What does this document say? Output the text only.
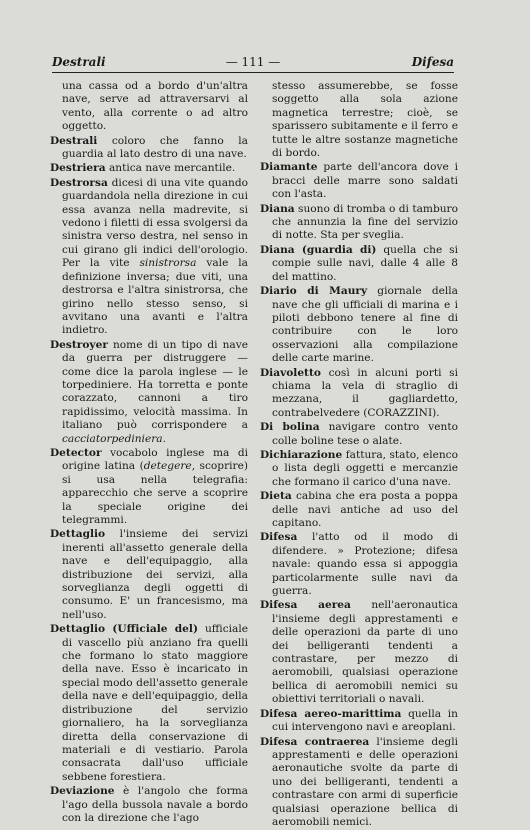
Destrali	— 111 —	Difesa

una cassa od a bordo d'un'altra nave, serve ad attraversarvi al vento, alla corrente o ad altro oggetto.

Destrali coloro che fanno la guardia al lato destro di una nave.

Destriera antica nave mercantile.

Destrorsa dicesi di una vite quando guardandola nella direzione in cui essa avanza nella madrevite, si vedono i filetti di essa svolgersi da sinistra verso destra, nel senso in cui girano gli indici dell'orologio. Per la vite sinistrorsa vale la definizione inversa; due viti, una destrorsa e l'altra sinistrorsa, che girino nello stesso senso, si avvitano una avanti e l'altra indietro.

Destroyer nome di un tipo di nave da guerra per distruggere — come dice la parola inglese — le torpediniere. Ha torretta e ponte corazzato, cannoni a tiro rapidissimo, velocità massima. In italiano può corrispondere a cacciatorpediniera.

Detector vocabolo inglese ma di origine latina (detegere, scoprire) si usa nella telegrafia: apparecchio che serve a scoprire la speciale origine dei telegrammi.

Dettaglio l'insieme dei servizi inerenti all'assetto generale della nave e dell'equipaggio, alla distribuzione dei servizi, alla sorveglianza degli oggetti di consumo. E' un francesismo, ma nell'uso.

Dettaglio (Ufficiale del) ufficiale di vascello più anziano fra quelli che formano lo stato maggiore della nave. Esso è incaricato in special modo dell'assetto generale della nave e dell'equipaggio, della distribuzione del servizio giornaliero, ha la sorveglianza diretta della conservazione di materiali e di vestiario. Parola consacrata dall'uso ufficiale sebbene forestiera.

Deviazione è l'angolo che forma l'ago della bussola navale a bordo con la direzione che l'ago

stesso assumerebbe, se fosse soggetto alla sola azione magnetica terrestre; cioè, se sparissero subitamente e il ferro e tutte le altre sostanze magnetiche di bordo.

Diamante parte dell'ancora dove i bracci delle marre sono saldati con l'asta.

Diana suono di tromba o di tamburo che annunzia la fine del servizio di notte. Sta per sveglia.

Diana (guardia di) quella che si compie sulle navi, dalle 4 alle 8 del mattino.

Diario di Maury giornale della nave che gli ufficiali di marina e i piloti debbono tenere al fine di contribuire con le loro osservazioni alla compilazione delle carte marine.

Diavoletto così in alcuni porti si chiama la vela di straglio di mezzana, il gagliardetto, contrabelvedere (CORAZZINI).

Di bolina navigare contro vento colle boline tese o alate.

Dichiarazione fattura, stato, elenco o lista degli oggetti e mercanzie che formano il carico d'una nave.

Dieta cabina che era posta a poppa delle navi antiche ad uso del capitano.

Difesa l'atto od il modo di difendere. » Protezione; difesa navale: quando essa si appoggia particolarmente sulle navi da guerra.

Difesa aerea nell'aeronautica l'insieme degli apprestamenti e delle operazioni da parte di uno dei belligeranti tendenti a contrastare, per mezzo di aeromobili, qualsiasi operazione bellica di aeromobili nemici su obiettivi territoriali o navali.

Difesa aereo-marittima quella in cui intervengono navi e areoplani.

Difesa contraerea l'insieme degli apprestamenti e delle operazioni aeronautiche svolte da parte di uno dei belligeranti, tendenti a contrastare con armi di superficie qualsiasi operazione bellica di aeromobili nemici.
